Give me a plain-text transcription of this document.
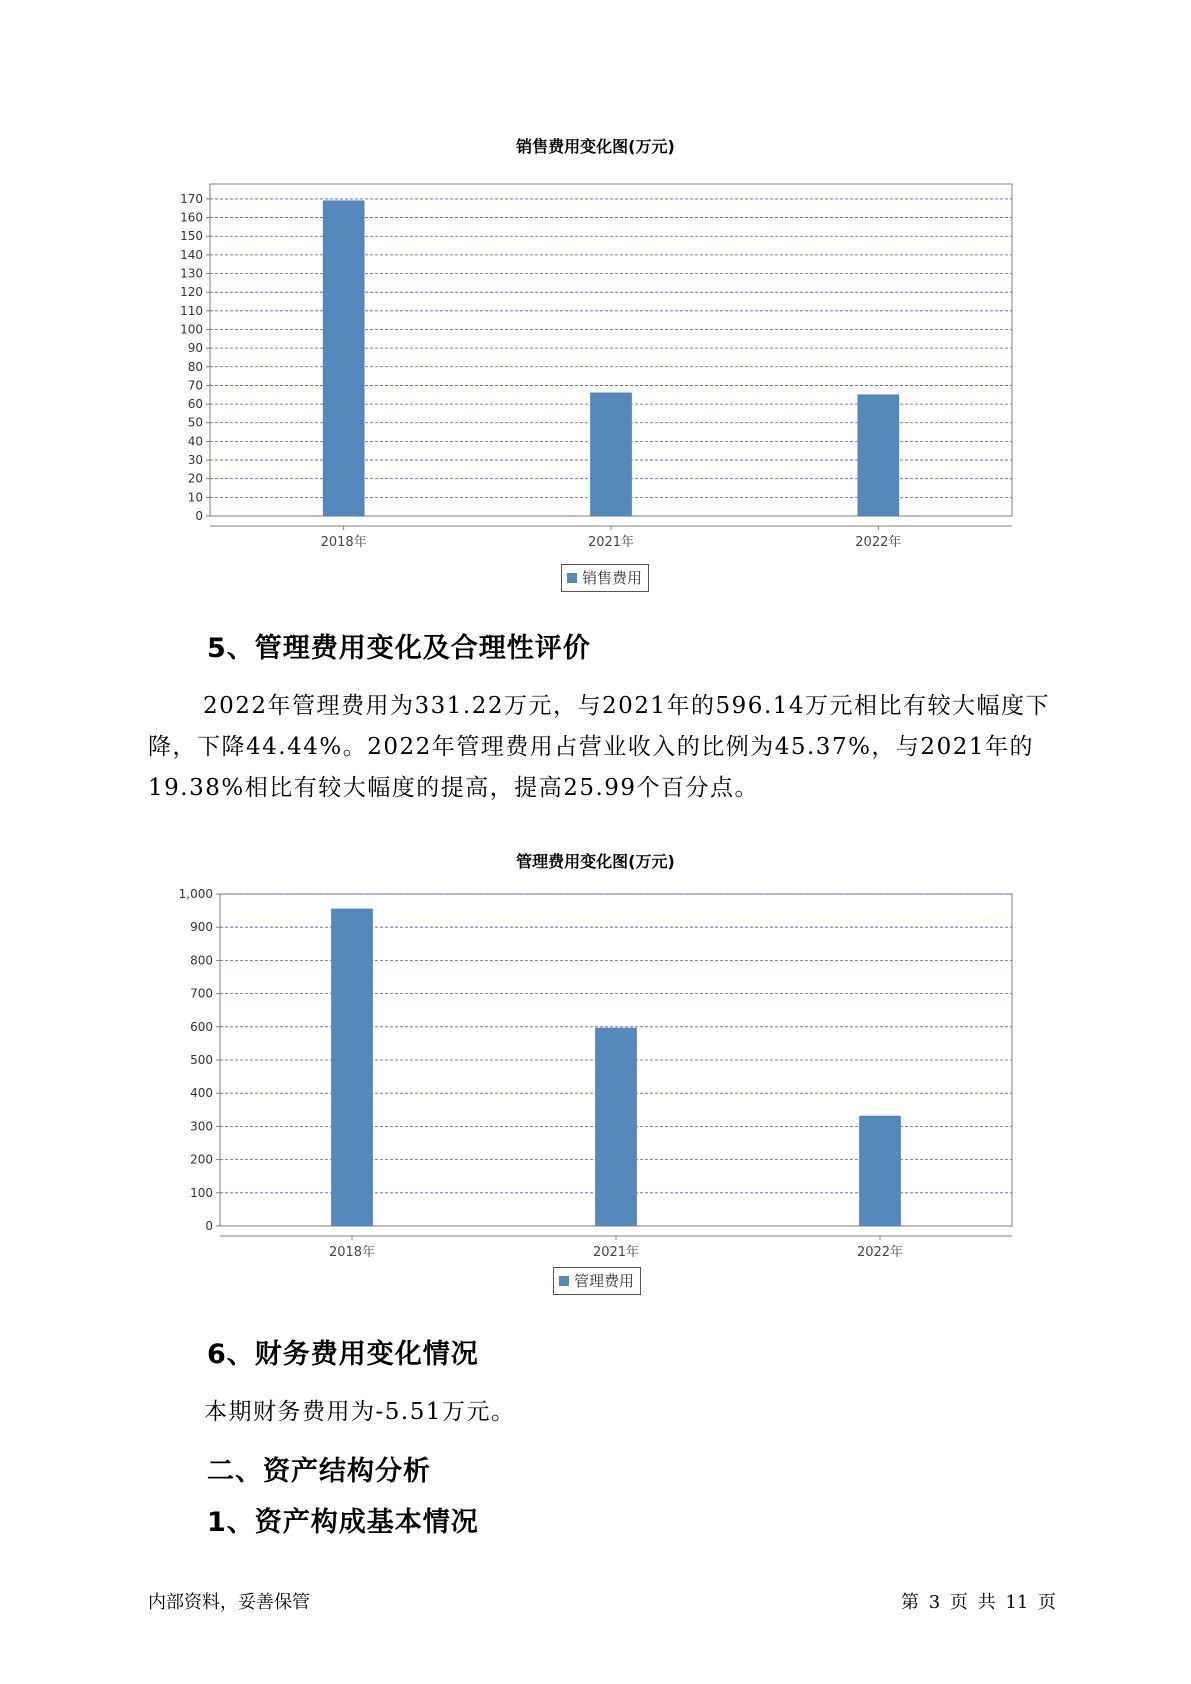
销售费用变化图(万元)
0
10
20
30
40
50
60
70
80
90
100
110
120
130
140
150
160
170
2018年	2021年	2022年
销售费用
5、管理费用变化及合理性评价

2022年管理费用为331.22万元，与2021年的596.14万元相比有较大幅度下降，下降44.44%。2022年管理费用占营业收入的比例为45.37%，与2021年的19.38%相比有较大幅度的提高，提高25.99个百分点。

管理费用变化图(万元)
0
100
200
300
400
500
600
700
800
900
1,000
2018年	2021年	2022年
管理费用
6、财务费用变化情况

本期财务费用为-5.51万元。

二、资产结构分析
1、资产构成基本情况
内部资料，妥善保管	第 3 页 共 11 页
